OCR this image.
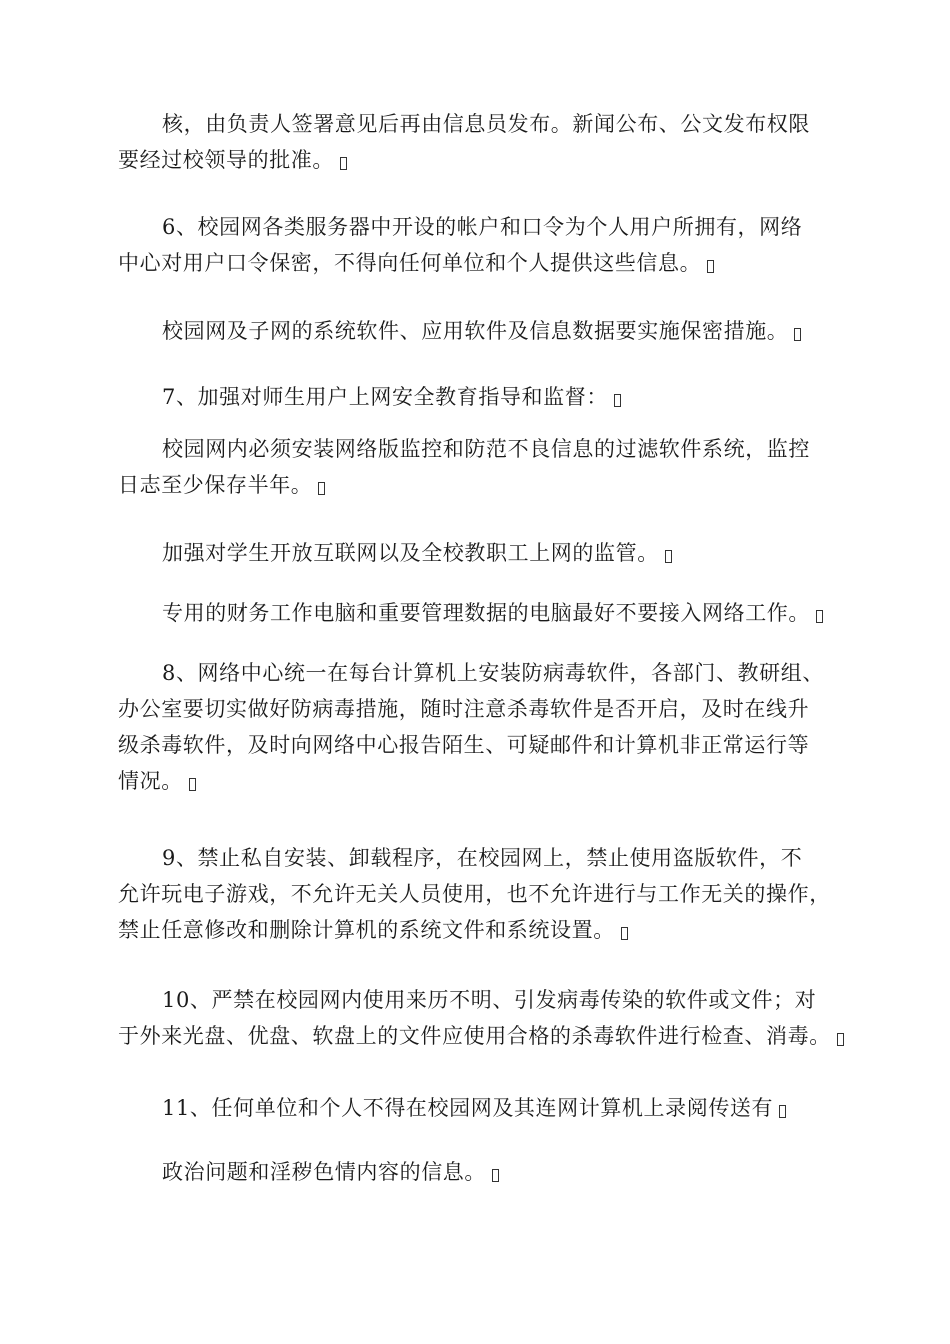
核，由负责人签署意见后再由信息员发布。新闻公布、公文发布权限
要经过校领导的批准。

6、校园网各类服务器中开设的帐户和口令为个人用户所拥有，网络
中心对用户口令保密，不得向任何单位和个人提供这些信息。

校园网及子网的系统软件、应用软件及信息数据要实施保密措施。

7、加强对师生用户上网安全教育指导和监督：

校园网内必须安装网络版监控和防范不良信息的过滤软件系统，监控
日志至少保存半年。

加强对学生开放互联网以及全校教职工上网的监管。

专用的财务工作电脑和重要管理数据的电脑最好不要接入网络工作。

8、网络中心统一在每台计算机上安装防病毒软件，各部门、教研组、
办公室要切实做好防病毒措施，随时注意杀毒软件是否开启，及时在线升
级杀毒软件，及时向网络中心报告陌生、可疑邮件和计算机非正常运行等
情况。

9、禁止私自安装、卸载程序，在校园网上，禁止使用盗版软件，不
允许玩电子游戏，不允许无关人员使用，也不允许进行与工作无关的操作，
禁止任意修改和删除计算机的系统文件和系统设置。

10、严禁在校园网内使用来历不明、引发病毒传染的软件或文件；对
于外来光盘、优盘、软盘上的文件应使用合格的杀毒软件进行检查、消毒。

11、任何单位和个人不得在校园网及其连网计算机上录阅传送有

政治问题和淫秽色情内容的信息。
